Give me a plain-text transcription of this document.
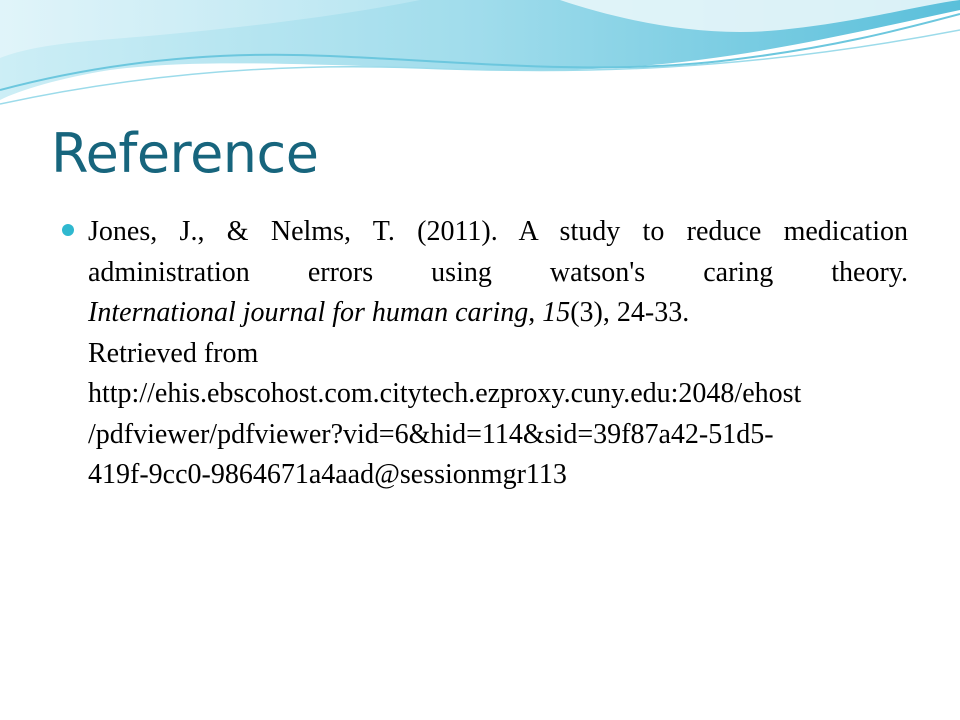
Reference

Jones, J., & Nelms, T. (2011). A study to reduce medication
administration errors using watson's caring theory.
International journal for human caring, 15(3), 24-33.
Retrieved from
http://ehis.ebscohost.com.citytech.ezproxy.cuny.edu:2048/ehost
/pdfviewer/pdfviewer?vid=6&hid=114&sid=39f87a42-51d5-
419f-9cc0-9864671a4aad@sessionmgr113
